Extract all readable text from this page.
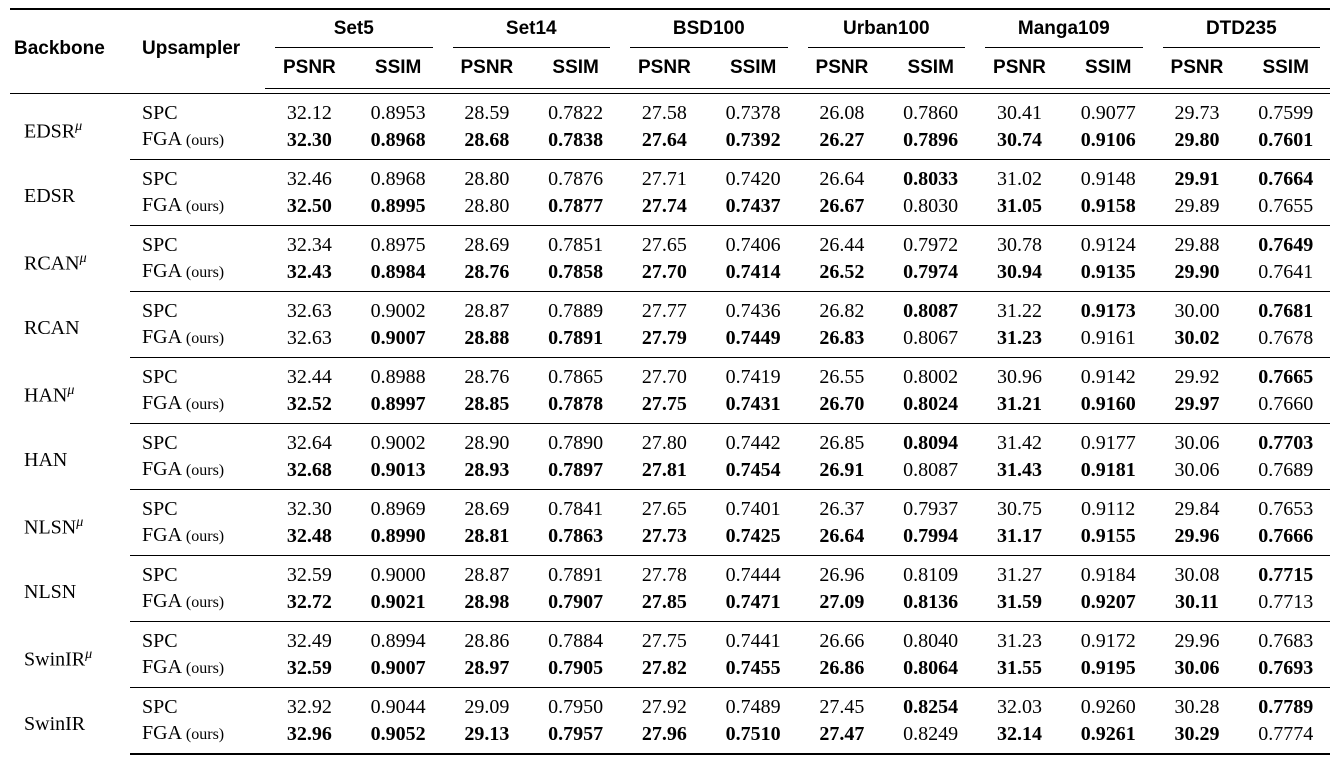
Backbone	Upsampler	Set5		Set14		BSD100		Urban100		Manga109		DTD235	
		PSNR	SSIM	PSNR	SSIM	PSNR	SSIM	PSNR	SSIM	PSNR	SSIM	PSNR	SSIM

$EDSR^\mu$	SPC	32.12	0.8953	28.59	0.7822	27.58	0.7378	26.08	0.7860	30.41	0.9077	29.73	0.7599
	FGA (ours)	32.30	0.8968	28.68	0.7838	27.64	0.7392	26.27	0.7896	30.74	0.9106	29.80	0.7601
EDSR	SPC	32.46	0.8968	28.80	0.7876	27.71	0.7420	26.64	0.8033	31.02	0.9148	29.91	0.7664
	FGA (ours)	32.50	0.8995	28.80	0.7877	27.74	0.7437	26.67	0.8030	31.05	0.9158	29.89	0.7655
$RCAN^\mu$	SPC	32.34	0.8975	28.69	0.7851	27.65	0.7406	26.44	0.7972	30.78	0.9124	29.88	0.7649
	FGA (ours)	32.43	0.8984	28.76	0.7858	27.70	0.7414	26.52	0.7974	30.94	0.9135	29.90	0.7641
RCAN	SPC	32.63	0.9002	28.87	0.7889	27.77	0.7436	26.82	0.8087	31.22	0.9173	30.00	0.7681
	FGA (ours)	32.63	0.9007	28.88	0.7891	27.79	0.7449	26.83	0.8067	31.23	0.9161	30.02	0.7678
$HAN^\mu$	SPC	32.44	0.8988	28.76	0.7865	27.70	0.7419	26.55	0.8002	30.96	0.9142	29.92	0.7665
	FGA (ours)	32.52	0.8997	28.85	0.7878	27.75	0.7431	26.70	0.8024	31.21	0.9160	29.97	0.7660
HAN	SPC	32.64	0.9002	28.90	0.7890	27.80	0.7442	26.85	0.8094	31.42	0.9177	30.06	0.7703
	FGA (ours)	32.68	0.9013	28.93	0.7897	27.81	0.7454	26.91	0.8087	31.43	0.9181	30.06	0.7689
$NLSN^\mu$	SPC	32.30	0.8969	28.69	0.7841	27.65	0.7401	26.37	0.7937	30.75	0.9112	29.84	0.7653
	FGA (ours)	32.48	0.8990	28.81	0.7863	27.73	0.7425	26.64	0.7994	31.17	0.9155	29.96	0.7666
NLSN	SPC	32.59	0.9000	28.87	0.7891	27.78	0.7444	26.96	0.8109	31.27	0.9184	30.08	0.7715
	FGA (ours)	32.72	0.9021	28.98	0.7907	27.85	0.7471	27.09	0.8136	31.59	0.9207	30.11	0.7713
SwinIR$^\mu$	SPC	32.49	0.8994	28.86	0.7884	27.75	0.7441	26.66	0.8040	31.23	0.9172	29.96	0.7683
	FGA (ours)	32.59	0.9007	28.97	0.7905	27.82	0.7455	26.86	0.8064	31.55	0.9195	30.06	0.7693
SwinIR	SPC	32.92	0.9044	29.09	0.7950	27.92	0.7489	27.45	0.8254	32.03	0.9260	30.28	0.7789
	FGA (ours)	32.96	0.9052	29.13	0.7957	27.96	0.7510	27.47	0.8249	32.14	0.9261	30.29	0.7774
